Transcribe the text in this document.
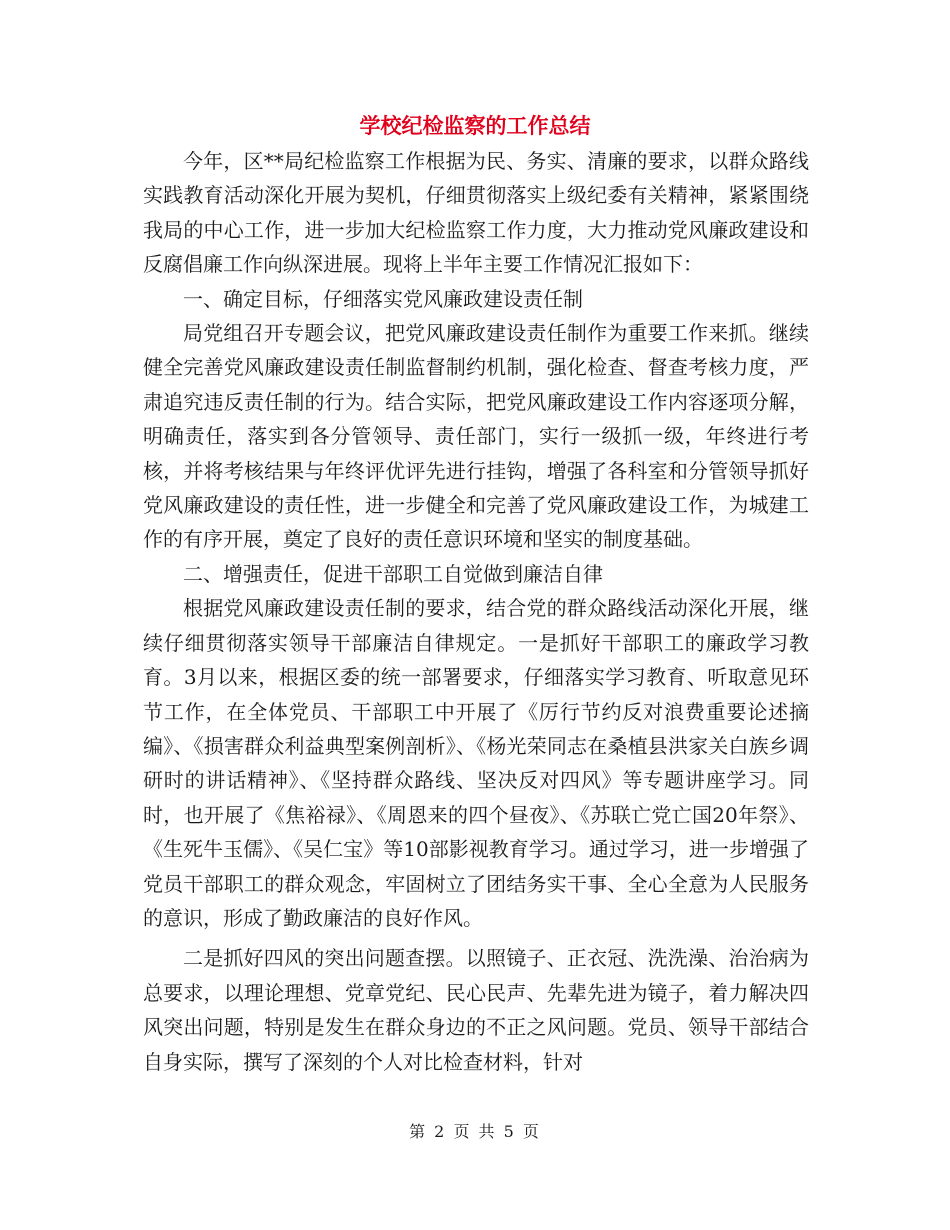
学校纪检监察的工作总结

今年，区**局纪检监察工作根据为民、务实、清廉的要求，以群众路线实践教育活动深化开展为契机，仔细贯彻落实上级纪委有关精神，紧紧围绕我局的中心工作，进一步加大纪检监察工作力度，大力推动党风廉政建设和反腐倡廉工作向纵深进展。现将上半年主要工作情况汇报如下：

一、确定目标，仔细落实党风廉政建设责任制

局党组召开专题会议，把党风廉政建设责任制作为重要工作来抓。继续健全完善党风廉政建设责任制监督制约机制，强化检查、督查考核力度，严肃追究违反责任制的行为。结合实际，把党风廉政建设工作内容逐项分解，明确责任，落实到各分管领导、责任部门，实行一级抓一级，年终进行考核，并将考核结果与年终评优评先进行挂钩，增强了各科室和分管领导抓好党风廉政建设的责任性，进一步健全和完善了党风廉政建设工作，为城建工作的有序开展，奠定了良好的责任意识环境和坚实的制度基础。

二、增强责任，促进干部职工自觉做到廉洁自律

根据党风廉政建设责任制的要求，结合党的群众路线活动深化开展，继续仔细贯彻落实领导干部廉洁自律规定。一是抓好干部职工的廉政学习教育。3月以来，根据区委的统一部署要求，仔细落实学习教育、听取意见环节工作，在全体党员、干部职工中开展了《厉行节约反对浪费重要论述摘编》、《损害群众利益典型案例剖析》、《杨光荣同志在桑植县洪家关白族乡调研时的讲话精神》、《坚持群众路线、坚决反对四风》等专题讲座学习。同时，也开展了《焦裕禄》、《周恩来的四个昼夜》、《苏联亡党亡国20年祭》、《生死牛玉儒》、《吴仁宝》等10部影视教育学习。通过学习，进一步增强了党员干部职工的群众观念，牢固树立了团结务实干事、全心全意为人民服务的意识，形成了勤政廉洁的良好作风。

二是抓好四风的突出问题查摆。以照镜子、正衣冠、洗洗澡、治治病为总要求，以理论理想、党章党纪、民心民声、先辈先进为镜子，着力解决四风突出问题，特别是发生在群众身边的不正之风问题。党员、领导干部结合自身实际，撰写了深刻的个人对比检查材料，针对

第 2 页 共 5 页
